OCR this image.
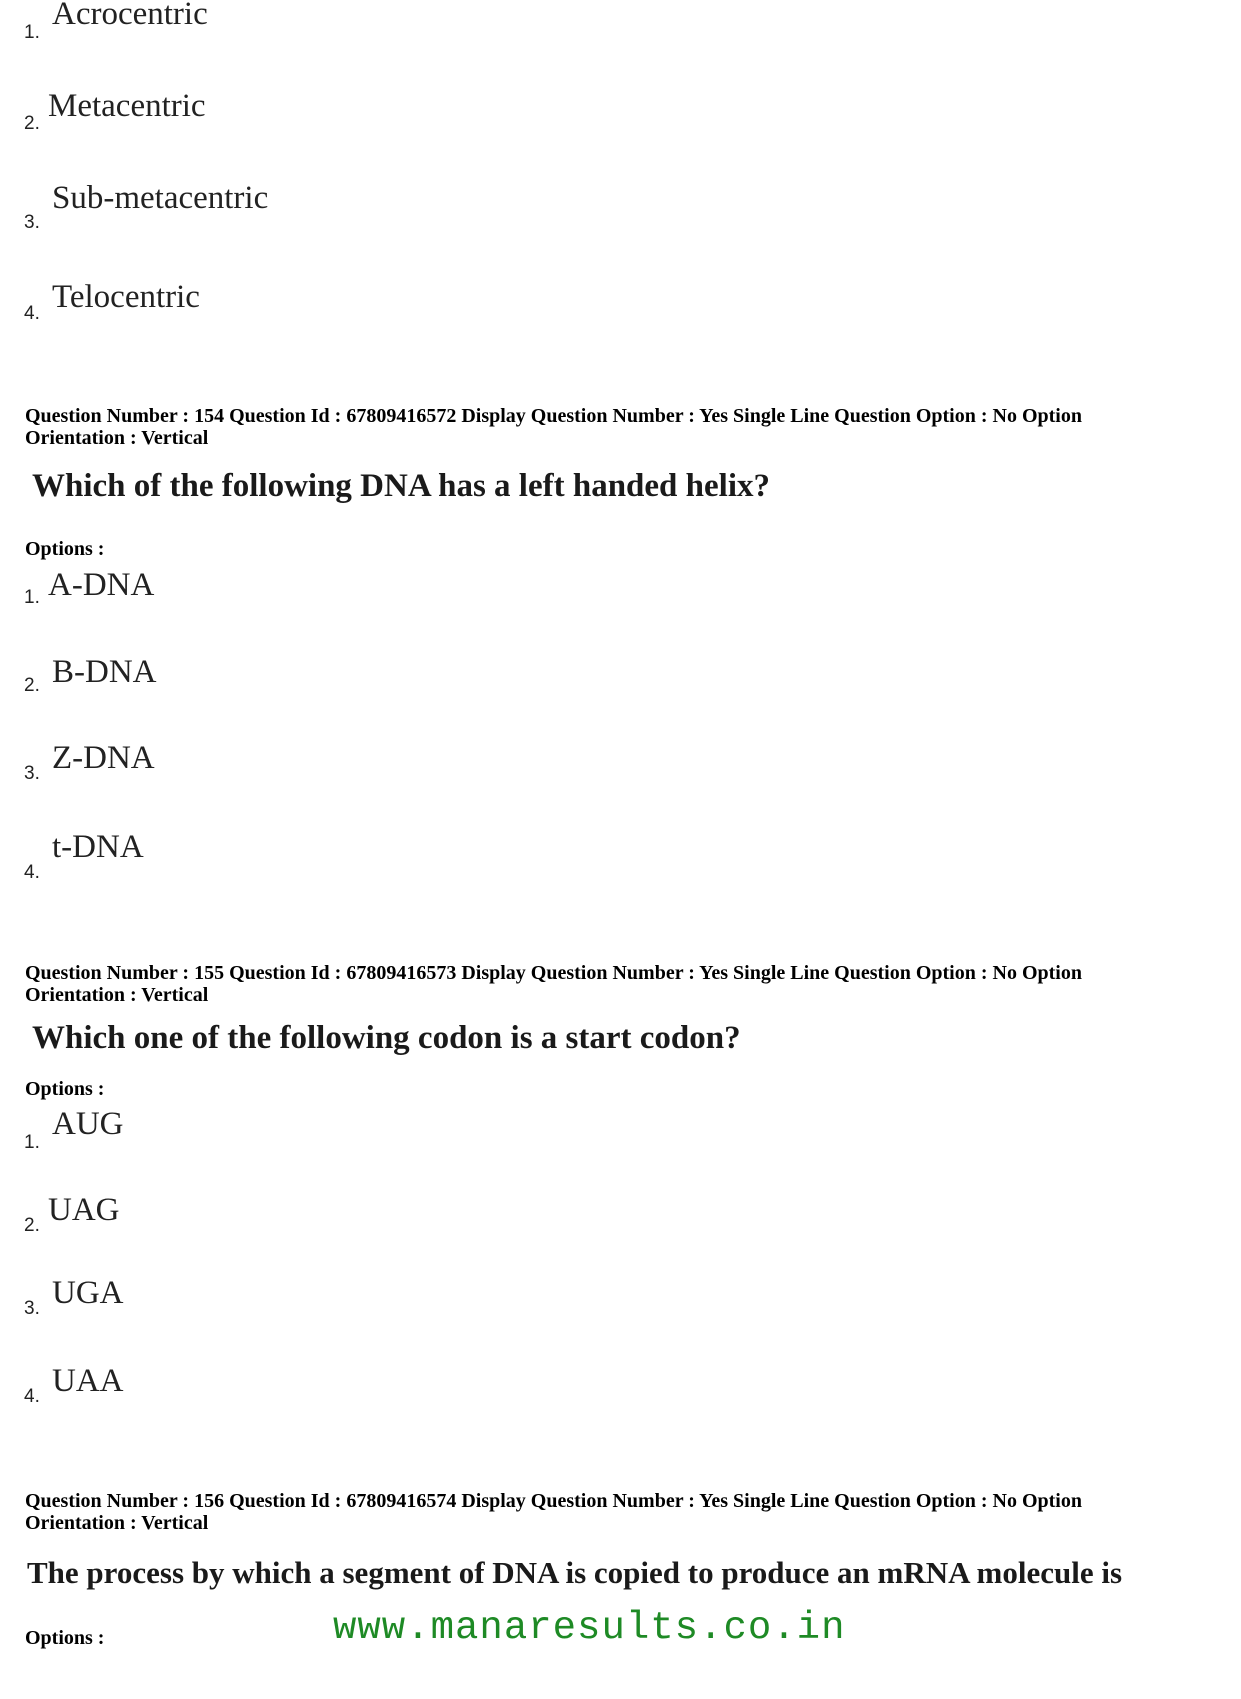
1.
Acrocentric
2. Metacentric
3.
Sub-metacentric
4. Telocentric
Question Number : 154 Question Id : 67809416572 Display Question Number : Yes Single Line Question Option : No Option
Orientation : Vertical
Which of the following DNA has a left handed helix?
Options :
1. A-DNA
2. B-DNA
3. Z-DNA
4.
t-DNA
Question Number : 155 Question Id : 67809416573 Display Question Number : Yes Single Line Question Option : No Option
Orientation : Vertical
Which one of the following codon is a start codon?
Options :
1.
AUG
2. UAG
3. UGA
4. UAA
Question Number : 156 Question Id : 67809416574 Display Question Number : Yes Single Line Question Option : No Option
Orientation : Vertical
The process by which a segment of DNA is copied to produce an mRNA molecule is
Options :	www.manaresults.co.in
